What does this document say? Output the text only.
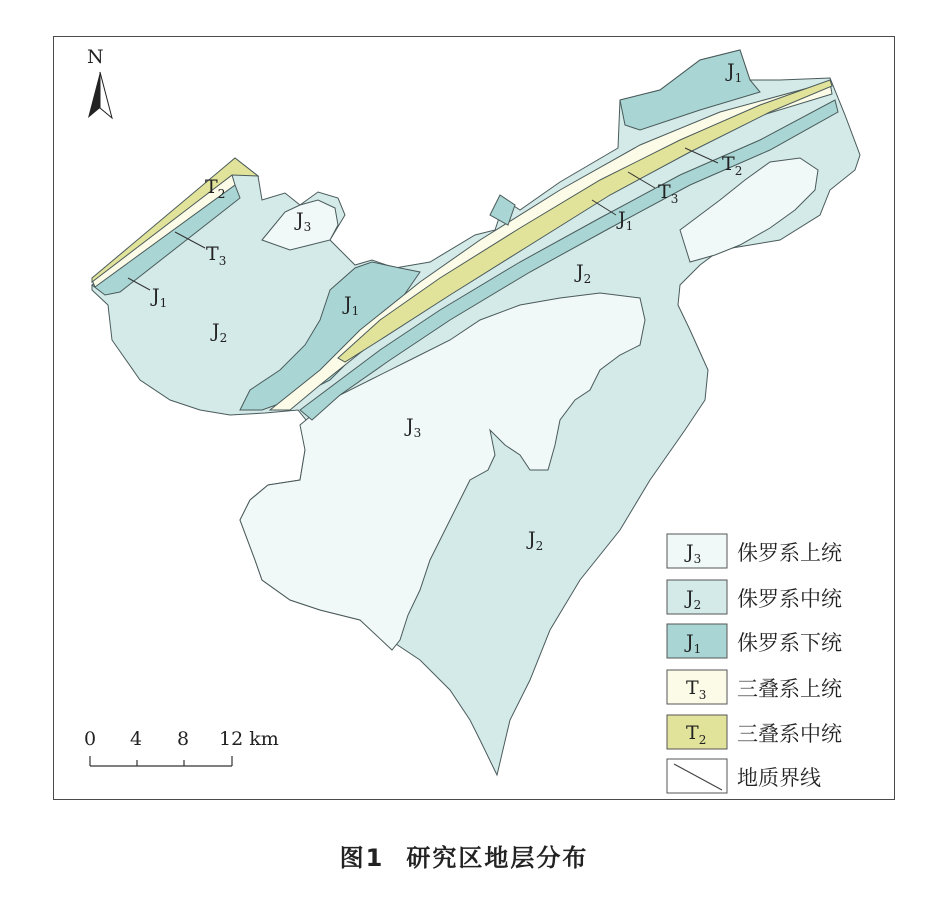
$T_2$
$T_3$
$J_1$
$J_2$
$J_3$
$J_1$
$J_1$
$T_2$
$T_3$
$J_1$
$J_2$
$J_3$
$J_2$
N
0 4 8 12 km
$J_3$
$J_2$
$J_1$
$T_3$
$T_2$
侏罗系上统
侏罗系中统
侏罗系下统
三叠系上统
三叠系中统
地质界线
图1 研究区地层分布
